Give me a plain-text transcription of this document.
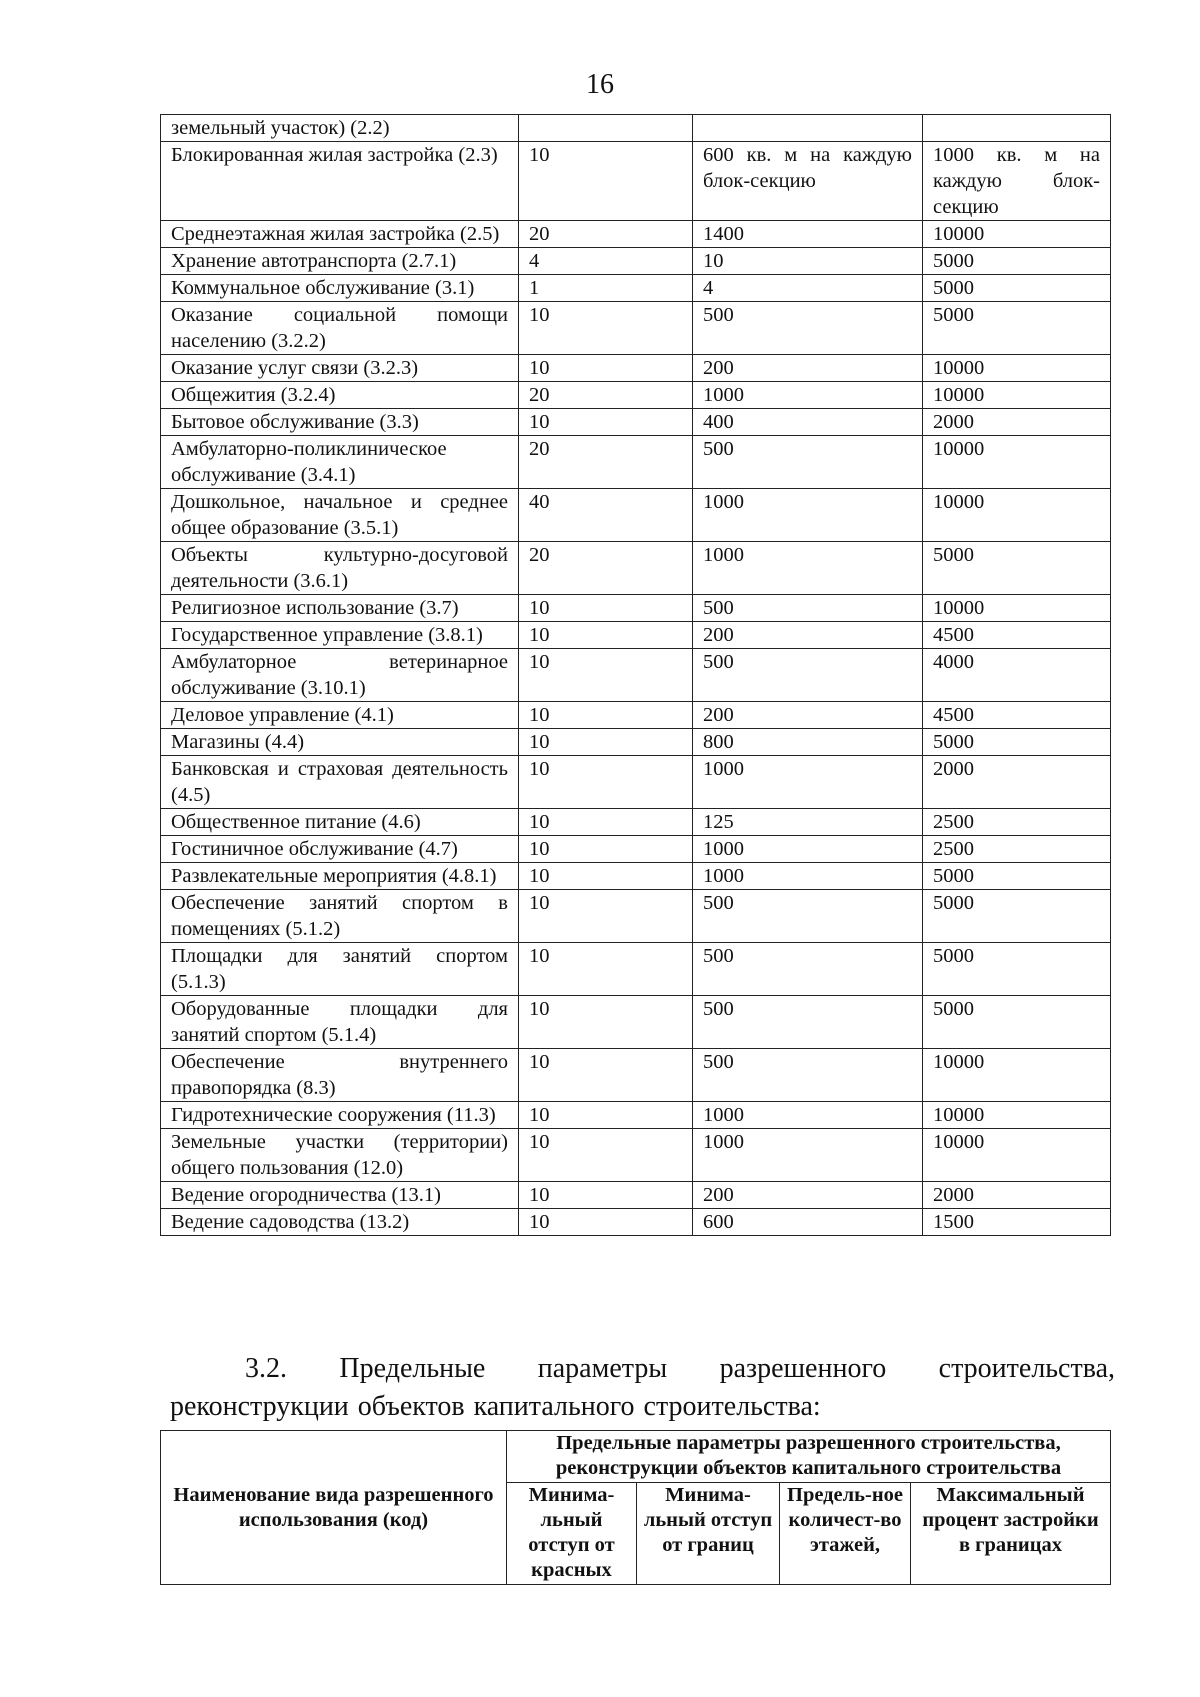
16
земельный участок) (2.2)			
Блокированная жилая застройка (2.3)	10	600 кв. м на каждую блок-секцию	1000 кв. м на каждую блок-секцию
Среднеэтажная жилая застройка (2.5)	20	1400	10000
Хранение автотранспорта (2.7.1)	4	10	5000
Коммунальное обслуживание (3.1)	1	4	5000
Оказание социальной помощи населению (3.2.2)	10	500	5000
Оказание услуг связи (3.2.3)	10	200	10000
Общежития (3.2.4)	20	1000	10000
Бытовое обслуживание (3.3)	10	400	2000
Амбулаторно-поликлиническое обслуживание (3.4.1)	20	500	10000
Дошкольное, начальное и среднее общее образование (3.5.1)	40	1000	10000
Объекты культурно-досуговой деятельности (3.6.1)	20	1000	5000
Религиозное использование (3.7)	10	500	10000
Государственное управление (3.8.1)	10	200	4500
Амбулаторное ветеринарное обслуживание (3.10.1)	10	500	4000
Деловое управление (4.1)	10	200	4500
Магазины (4.4)	10	800	5000
Банковская и страховая деятельность (4.5)	10	1000	2000
Общественное питание (4.6)	10	125	2500
Гостиничное обслуживание (4.7)	10	1000	2500
Развлекательные мероприятия (4.8.1)	10	1000	5000
Обеспечение занятий спортом в помещениях (5.1.2)	10	500	5000
Площадки для занятий спортом (5.1.3)	10	500	5000
Оборудованные площадки для занятий спортом (5.1.4)	10	500	5000
Обеспечение внутреннего правопорядка (8.3)	10	500	10000
Гидротехнические сооружения (11.3)	10	1000	10000
Земельные участки (территории) общего пользования (12.0)	10	1000	10000
Ведение огородничества (13.1)	10	200	2000
Ведение садоводства (13.2)	10	600	1500
3.2. Предельные параметры разрешенного строительства, реконструкции объектов капитального строительства:
Наименование вида разрешенного использования (код)	Предельные параметры разрешенного строительства, реконструкции объектов капитального строительства			
	Минима-льный отступ от красных	Минима-льный отступ от границ	Предель-ное количест-во этажей,	Максимальный процент застройки в границах
